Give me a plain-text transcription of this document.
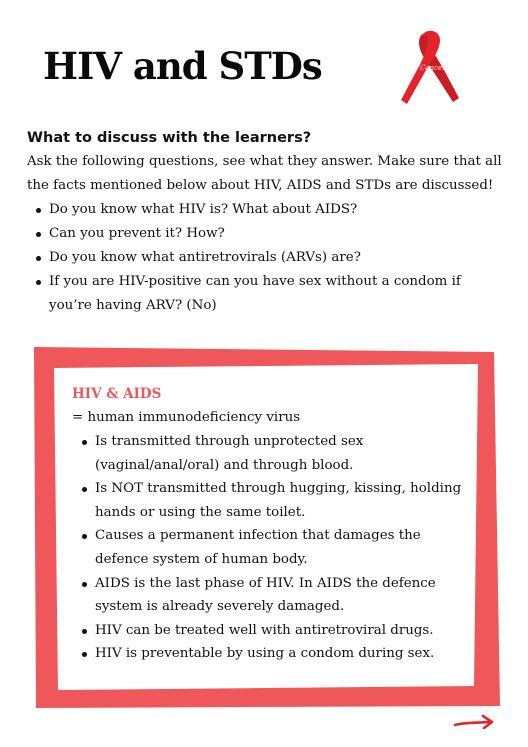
HIV and STDs	Cancer
What to discuss with the learners?

Ask the following questions, see what they answer. Make sure that all the facts mentioned below about HIV, AIDS and STDs are discussed!

Do you know what HIV is? What about AIDS?
Can you prevent it? How?
Do you know what antiretrovirals (ARVs) are?
If you are HIV-positive can you have sex without a condom if you’re having ARV? (No)
HIV & AIDS

= human immunodeficiency virus

Is transmitted through unprotected sex (vaginal/anal/oral) and through blood.
Is NOT transmitted through hugging, kissing, holding hands or using the same toilet.
Causes a permanent infection that damages the defence system of human body.
AIDS is the last phase of HIV. In AIDS the defence system is already severely damaged.
HIV can be treated well with antiretroviral drugs.
HIV is preventable by using a condom during sex.
